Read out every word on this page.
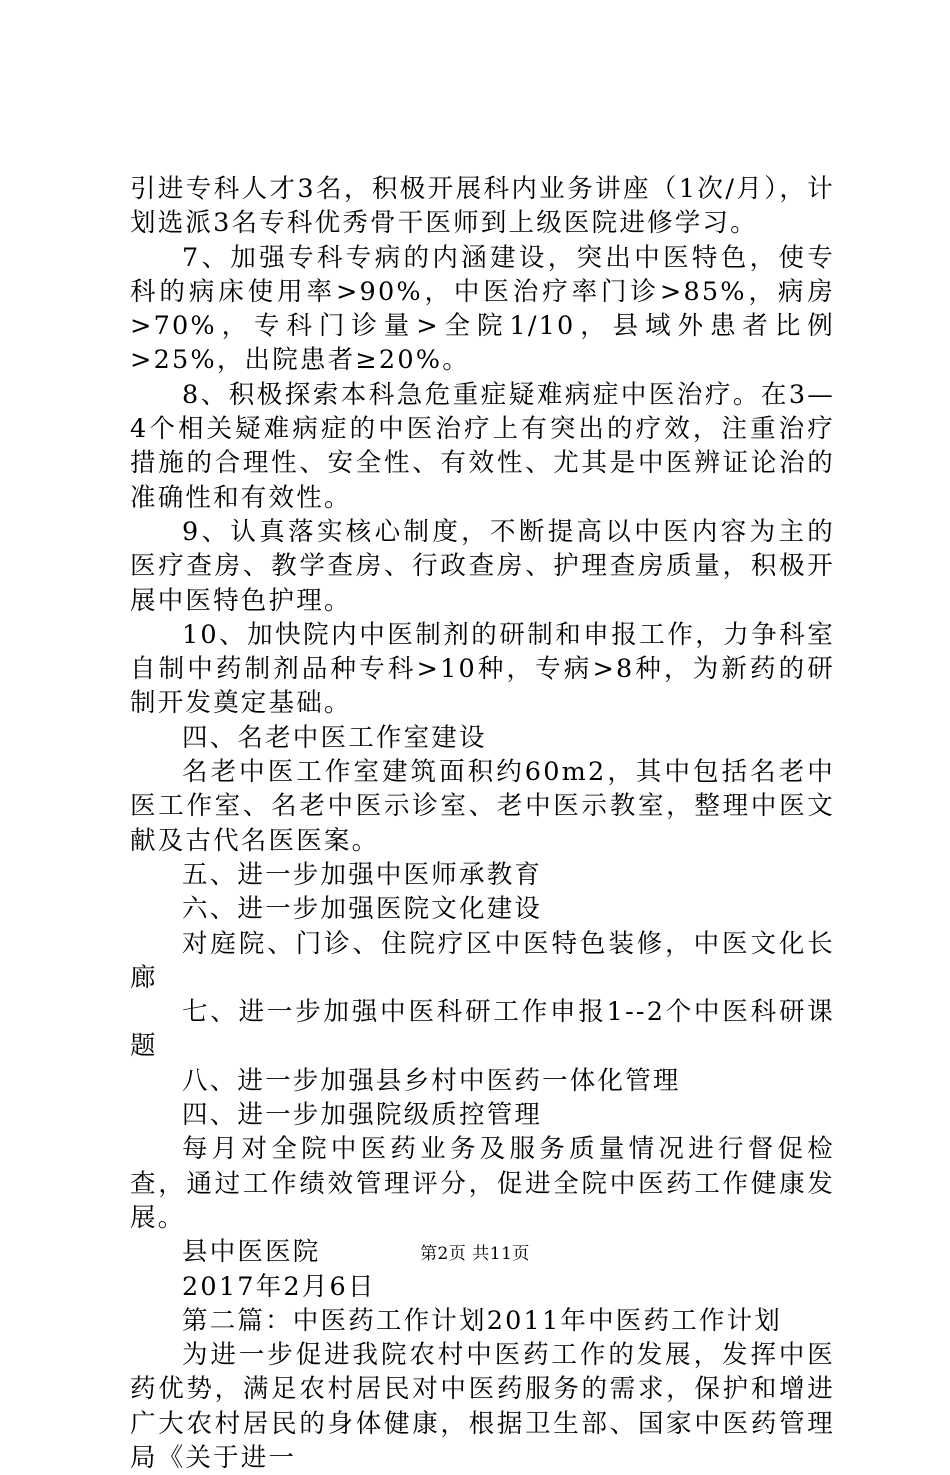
引进专科人才3名，积极开展科内业务讲座（1次/月），计划选派3名专科优秀骨干医师到上级医院进修学习。

7、加强专科专病的内涵建设，突出中医特色，使专科的病床使用率>90%，中医治疗率门诊>85%，病房>70%，专科门诊量>全院1/10，县域外患者比例>25%，出院患者≥20%。

8、积极探索本科急危重症疑难病症中医治疗。在3—4个相关疑难病症的中医治疗上有突出的疗效，注重治疗措施的合理性、安全性、有效性、尤其是中医辨证论治的准确性和有效性。

9、认真落实核心制度，不断提高以中医内容为主的医疗查房、教学查房、行政查房、护理查房质量，积极开展中医特色护理。

10、加快院内中医制剂的研制和申报工作，力争科室自制中药制剂品种专科>10种，专病>8种，为新药的研制开发奠定基础。

四、名老中医工作室建设

名老中医工作室建筑面积约60m2，其中包括名老中医工作室、名老中医示诊室、老中医示教室，整理中医文献及古代名医医案。

五、进一步加强中医师承教育

六、进一步加强医院文化建设

对庭院、门诊、住院疗区中医特色装修，中医文化长廊

七、进一步加强中医科研工作申报1--2个中医科研课题

八、进一步加强县乡村中医药一体化管理

四、进一步加强院级质控管理

每月对全院中医药业务及服务质量情况进行督促检查，通过工作绩效管理评分，促进全院中医药工作健康发展。

县中医医院

2017年2月6日

第二篇：中医药工作计划2011年中医药工作计划

为进一步促进我院农村中医药工作的发展，发挥中医药优势，满足农村居民对中医药服务的需求，保护和增进广大农村居民的身体健康，根据卫生部、国家中医药管理局《关于进一

第2页 共11页
